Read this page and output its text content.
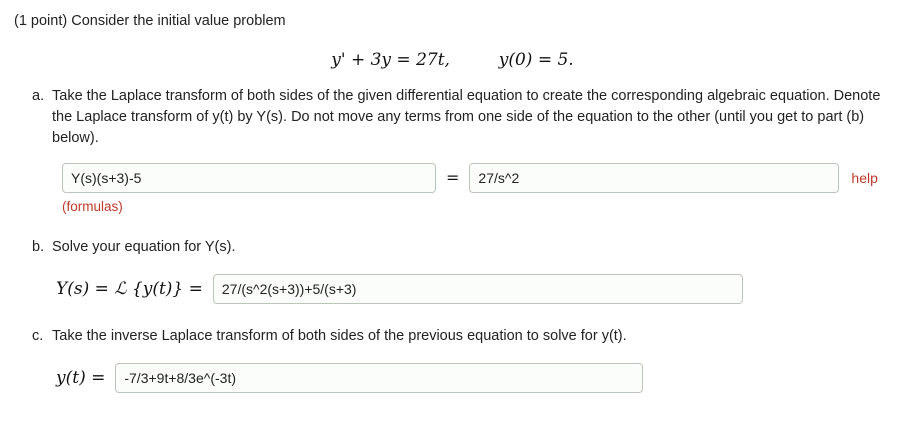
(1 point) Consider the initial value problem
y' + 3y = 27t,	y(0) = 5.
a. Take the Laplace transform of both sides of the given differential equation to create the corresponding algebraic equation. Denote the Laplace transform of y(t) by Y(s). Do not move any terms from one side of the equation to the other (until you get to part (b) below).
Y(s)(s+3)-5
=
27/s^2	help
(formulas)
b. Solve your equation for Y(s).
Y(s) = ℒ {y(t)} =
27/(s^2(s+3))+5/(s+3)
c. Take the inverse Laplace transform of both sides of the previous equation to solve for y(t).
y(t) =
-7/3+9t+8/3e^(-3t)
